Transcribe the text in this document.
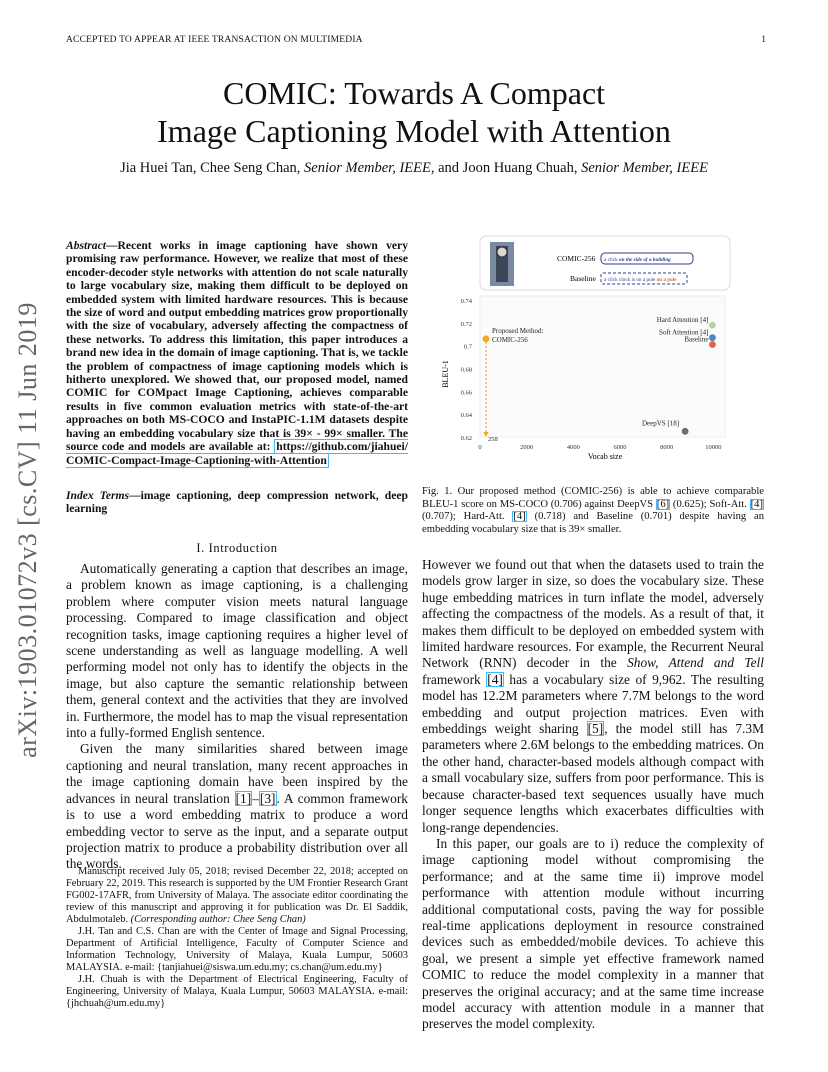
ACCEPTED TO APPEAR AT IEEE TRANSACTION ON MULTIMEDIA	1
COMIC: Towards A Compact
Image Captioning Model with Attention
Jia Huei Tan, Chee Seng Chan, Senior Member, IEEE, and Joon Huang Chuah, Senior Member, IEEE
arXiv:1903.01072v3 [cs.CV] 11 Jun 2019
Abstract—Recent works in image captioning have shown very promising raw performance. However, we realize that most of these encoder-decoder style networks with attention do not scale naturally to large vocabulary size, making them difficult to be deployed on embedded system with limited hardware resources. This is because the size of word and output embedding matrices grow proportionally with the size of vocabulary, adversely affecting the compactness of these networks. To address this limitation, this paper introduces a brand new idea in the domain of image captioning. That is, we tackle the problem of compactness of image captioning models which is hitherto unexplored. We showed that, our proposed model, named COMIC for COMpact Image Captioning, achieves comparable results in five common evaluation metrics with state-of-the-art approaches on both MS-COCO and InstaPIC-1.1M datasets despite having an embedding vocabulary size that is 39× - 99× smaller. The source code and models are available at: https://github.com/jiahuei/COMIC-Compact-Image-Captioning-with-Attention
Index Terms—image captioning, deep compression network, deep learning
I. Introduction

Automatically generating a caption that describes an image, a problem known as image captioning, is a challenging problem where computer vision meets natural language processing. Compared to image classification and object recognition tasks, image captioning requires a higher level of scene understanding as well as language modelling. A well performing model not only has to identify the objects in the image, but also capture the semantic relationship between them, general context and the activities that they are involved in. Furthermore, the model has to map the visual representation into a fully-formed English sentence.

Given the many similarities shared between image captioning and neural translation, many recent approaches in the image captioning domain have been inspired by the advances in neural translation [1]–[3]. A common framework is to use a word embedding matrix to produce a word embedding vector to serve as the input, and a separate output projection matrix to produce a probability distribution over all the words.

Manuscript received July 05, 2018; revised December 22, 2018; accepted on February 22, 2019. This research is supported by the UM Frontier Research Grant FG002-17AFR, from University of Malaya. The associate editor coordinating the review of this manuscript and approving it for publication was Dr. El Saddik, Abdulmotaleb. (Corresponding author: Chee Seng Chan)

J.H. Tan and C.S. Chan are with the Center of Image and Signal Processing, Department of Artificial Intelligence, Faculty of Computer Science and Information Technology, University of Malaya, Kuala Lumpur, 50603 MALAYSIA. e-mail: {tanjiahuei@siswa.um.edu.my; cs.chan@um.edu.my}

J.H. Chuah is with the Department of Electrical Engineering, Faculty of Engineering, University of Malaya, Kuala Lumpur, 50603 MALAYSIA. e-mail: {jhchuah@um.edu.my}

COMIC-256 a click on the side of a building
Baseline a click clock is on a pole on a pole
0.62
0.64
0.66
0.68
0.7
0.72
0.74
0	2000	4000	6000	8000	10000
258
Proposed Method:
COMIC-256
DeepVS [18]
Soft Attention [4]
Hard Attention [4]
Baseline
Vocab size
BLEU-1
Fig. 1. Our proposed method (COMIC-256) is able to achieve comparable BLEU-1 score on MS-COCO (0.706) against DeepVS [6] (0.625); Soft-Att. [4] (0.707); Hard-Att. [4] (0.718) and Baseline (0.701) despite having an embedding vocabulary size that is 39× smaller.

However we found out that when the datasets used to train the models grow larger in size, so does the vocabulary size. These huge embedding matrices in turn inflate the model, adversely affecting the compactness of the models. As a result of that, it makes them difficult to be deployed on embedded system with limited hardware resources. For example, the Recurrent Neural Network (RNN) decoder in the Show, Attend and Tell framework [4] has a vocabulary size of 9,962. The resulting model has 12.2M parameters where 7.7M belongs to the word embedding and output projection matrices. Even with embeddings weight sharing [5], the model still has 7.3M parameters where 2.6M belongs to the embedding matrices. On the other hand, character-based models although compact with a small vocabulary size, suffers from poor performance. This is because character-based text sequences usually have much longer sequence lengths which exacerbates difficulties with long-range dependencies.

In this paper, our goals are to i) reduce the complexity of image captioning model without compromising the performance; and at the same time ii) improve model performance with attention module without incurring additional computational costs, paving the way for possible real-time applications deployment in resource constrained devices such as embedded/mobile devices. To achieve this goal, we present a simple yet effective framework named COMIC to reduce the model complexity in a manner that preserves the original accuracy; and at the same time increase model accuracy with attention module in a manner that preserves the model complexity.
